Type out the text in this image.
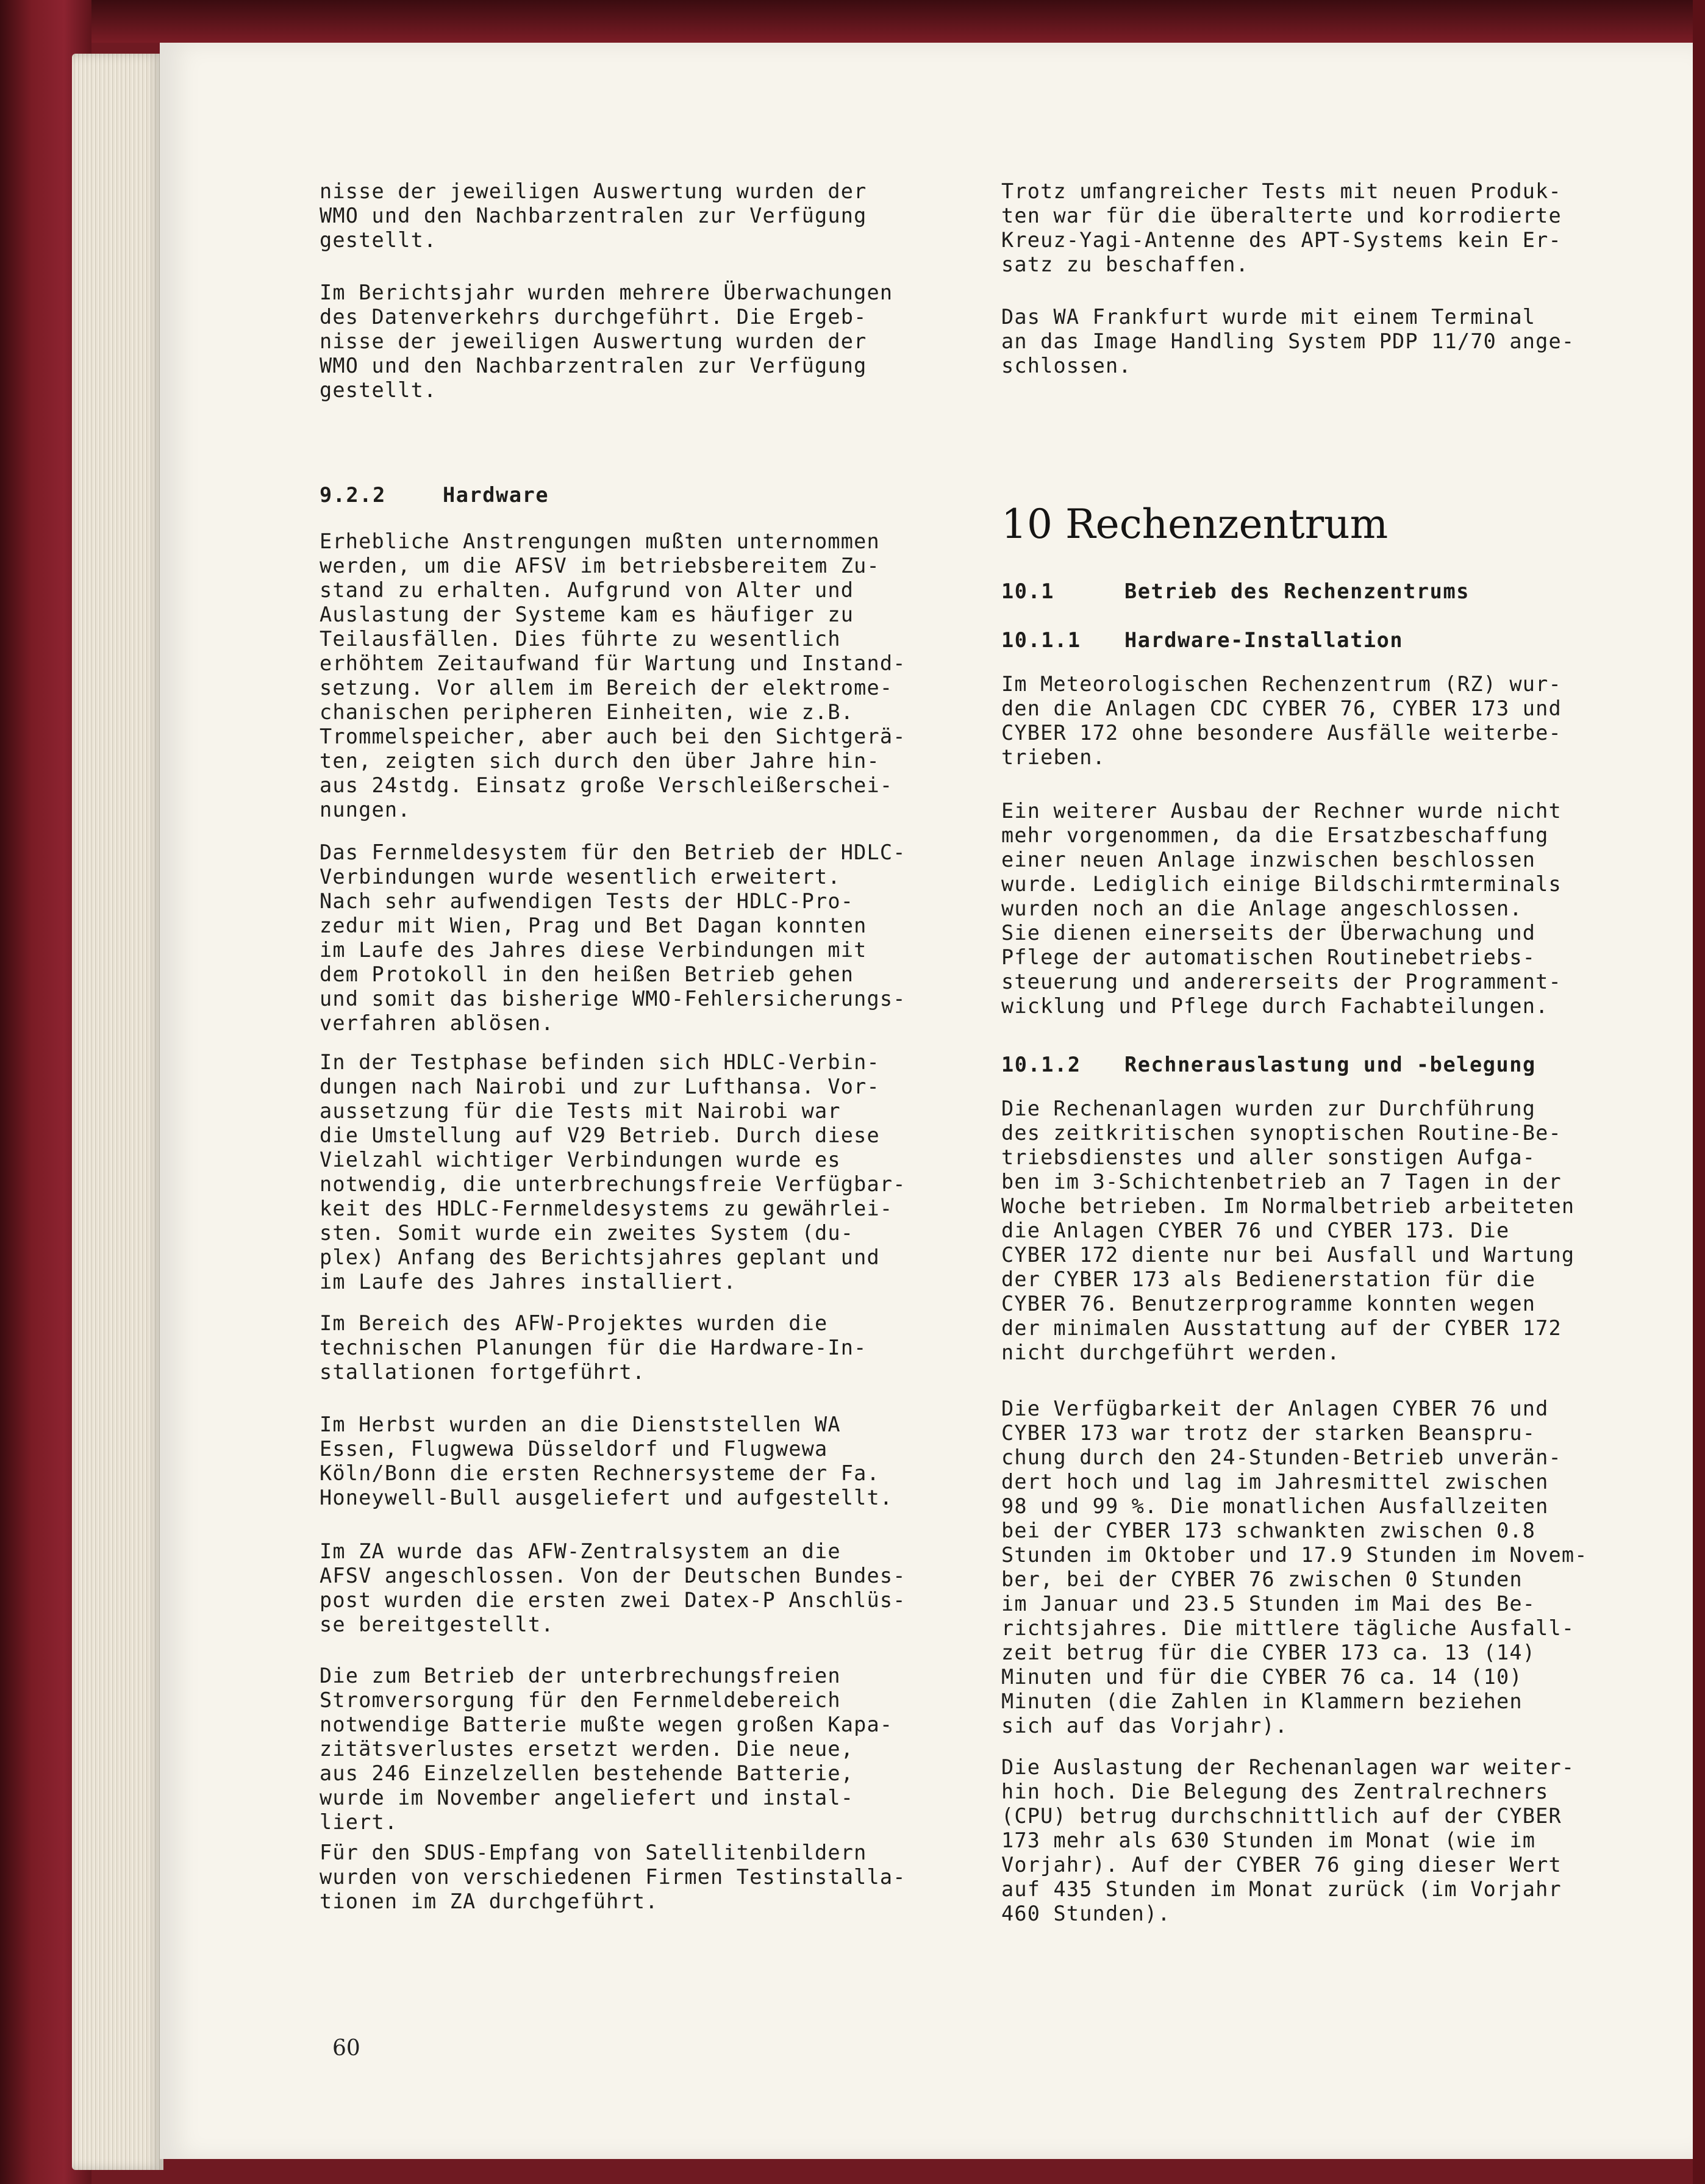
nisse der jeweiligen Auswertung wurden der
WMO und den Nachbarzentralen zur Verfügung
gestellt.

Im Berichtsjahr wurden mehrere Überwachungen
des Datenverkehrs durchgeführt. Die Ergeb-
nisse der jeweiligen Auswertung wurden der
WMO und den Nachbarzentralen zur Verfügung
gestellt.

9.2.2	Hardware

Erhebliche Anstrengungen mußten unternommen
werden, um die AFSV im betriebsbereitem Zu-
stand zu erhalten. Aufgrund von Alter und
Auslastung der Systeme kam es häufiger zu
Teilausfällen. Dies führte zu wesentlich
erhöhtem Zeitaufwand für Wartung und Instand-
setzung. Vor allem im Bereich der elektrome-
chanischen peripheren Einheiten, wie z.B.
Trommelspeicher, aber auch bei den Sichtgerä-
ten, zeigten sich durch den über Jahre hin-
aus 24stdg. Einsatz große Verschleißerschei-
nungen.

Das Fernmeldesystem für den Betrieb der HDLC-
Verbindungen wurde wesentlich erweitert.
Nach sehr aufwendigen Tests der HDLC-Pro-
zedur mit Wien, Prag und Bet Dagan konnten
im Laufe des Jahres diese Verbindungen mit
dem Protokoll in den heißen Betrieb gehen
und somit das bisherige WMO-Fehlersicherungs-
verfahren ablösen.

In der Testphase befinden sich HDLC-Verbin-
dungen nach Nairobi und zur Lufthansa. Vor-
aussetzung für die Tests mit Nairobi war
die Umstellung auf V29 Betrieb. Durch diese
Vielzahl wichtiger Verbindungen wurde es
notwendig, die unterbrechungsfreie Verfügbar-
keit des HDLC-Fernmeldesystems zu gewährlei-
sten. Somit wurde ein zweites System (du-
plex) Anfang des Berichtsjahres geplant und
im Laufe des Jahres installiert.

Im Bereich des AFW-Projektes wurden die
technischen Planungen für die Hardware-In-
stallationen fortgeführt.

Im Herbst wurden an die Dienststellen WA
Essen, Flugwewa Düsseldorf und Flugwewa
Köln/Bonn die ersten Rechnersysteme der Fa.
Honeywell-Bull ausgeliefert und aufgestellt.

Im ZA wurde das AFW-Zentralsystem an die
AFSV angeschlossen. Von der Deutschen Bundes-
post wurden die ersten zwei Datex-P Anschlüs-
se bereitgestellt.

Die zum Betrieb der unterbrechungsfreien
Stromversorgung für den Fernmeldebereich
notwendige Batterie mußte wegen großen Kapa-
zitätsverlustes ersetzt werden. Die neue,
aus 246 Einzelzellen bestehende Batterie,
wurde im November angeliefert und instal-
liert.

Für den SDUS-Empfang von Satellitenbildern
wurden von verschiedenen Firmen Testinstalla-
tionen im ZA durchgeführt.

Trotz umfangreicher Tests mit neuen Produk-
ten war für die überalterte und korrodierte
Kreuz-Yagi-Antenne des APT-Systems kein Er-
satz zu beschaffen.

Das WA Frankfurt wurde mit einem Terminal
an das Image Handling System PDP 11/70 ange-
schlossen.

10 Rechenzentrum
10.1	Betrieb des Rechenzentrums
10.1.1 Hardware-Installation

Im Meteorologischen Rechenzentrum (RZ) wur-
den die Anlagen CDC CYBER 76, CYBER 173 und
CYBER 172 ohne besondere Ausfälle weiterbe-
trieben.

Ein weiterer Ausbau der Rechner wurde nicht
mehr vorgenommen, da die Ersatzbeschaffung
einer neuen Anlage inzwischen beschlossen
wurde. Lediglich einige Bildschirmterminals
wurden noch an die Anlage angeschlossen.
Sie dienen einerseits der Überwachung und
Pflege der automatischen Routinebetriebs-
steuerung und andererseits der Programment-
wicklung und Pflege durch Fachabteilungen.

10.1.2 Rechnerauslastung und -belegung

Die Rechenanlagen wurden zur Durchführung
des zeitkritischen synoptischen Routine-Be-
triebsdienstes und aller sonstigen Aufga-
ben im 3-Schichtenbetrieb an 7 Tagen in der
Woche betrieben. Im Normalbetrieb arbeiteten
die Anlagen CYBER 76 und CYBER 173. Die
CYBER 172 diente nur bei Ausfall und Wartung
der CYBER 173 als Bedienerstation für die
CYBER 76. Benutzerprogramme konnten wegen
der minimalen Ausstattung auf der CYBER 172
nicht durchgeführt werden.

Die Verfügbarkeit der Anlagen CYBER 76 und
CYBER 173 war trotz der starken Beanspru-
chung durch den 24-Stunden-Betrieb unverän-
dert hoch und lag im Jahresmittel zwischen
98 und 99 %. Die monatlichen Ausfallzeiten
bei der CYBER 173 schwankten zwischen 0.8
Stunden im Oktober und 17.9 Stunden im Novem-
ber, bei der CYBER 76 zwischen 0 Stunden
im Januar und 23.5 Stunden im Mai des Be-
richtsjahres. Die mittlere tägliche Ausfall-
zeit betrug für die CYBER 173 ca. 13 (14)
Minuten und für die CYBER 76 ca. 14 (10)
Minuten (die Zahlen in Klammern beziehen
sich auf das Vorjahr).

Die Auslastung der Rechenanlagen war weiter-
hin hoch. Die Belegung des Zentralrechners
(CPU) betrug durchschnittlich auf der CYBER
173 mehr als 630 Stunden im Monat (wie im
Vorjahr). Auf der CYBER 76 ging dieser Wert
auf 435 Stunden im Monat zurück (im Vorjahr
460 Stunden).

60
